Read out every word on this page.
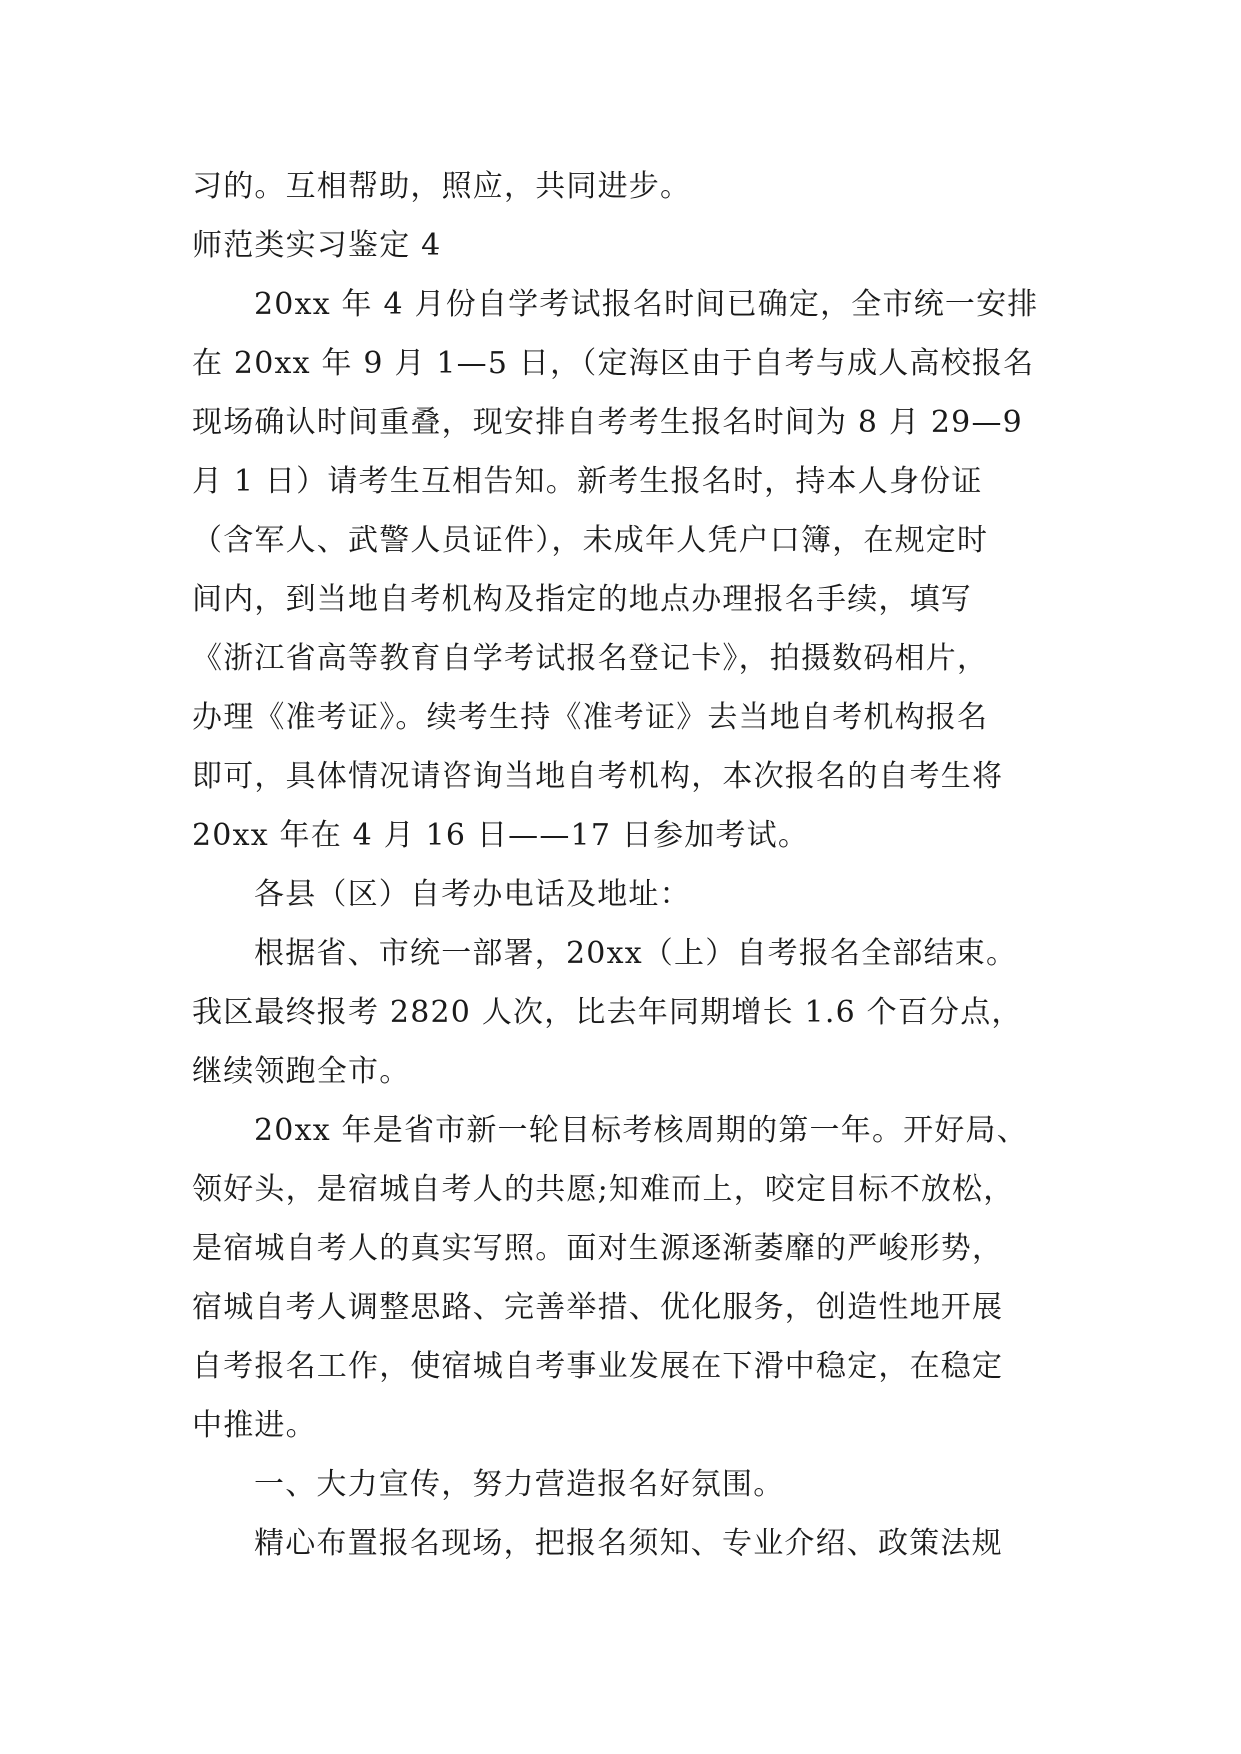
习的。互相帮助，照应，共同进步。

师范类实习鉴定 4

20xx 年 4 月份自学考试报名时间已确定，全市统一安排

在 20xx 年 9 月 1—5 日，（定海区由于自考与成人高校报名

现场确认时间重叠，现安排自考考生报名时间为 8 月 29—9

月 1 日）请考生互相告知。新考生报名时，持本人身份证

（含军人、武警人员证件），未成年人凭户口簿，在规定时

间内，到当地自考机构及指定的地点办理报名手续，填写

《浙江省高等教育自学考试报名登记卡》，拍摄数码相片，

办理《准考证》。续考生持《准考证》去当地自考机构报名

即可，具体情况请咨询当地自考机构，本次报名的自考生将

20xx 年在 4 月 16 日——17 日参加考试。

各县（区）自考办电话及地址：

根据省、市统一部署，20xx（上）自考报名全部结束。

我区最终报考 2820 人次，比去年同期增长 1.6 个百分点，

继续领跑全市。

20xx 年是省市新一轮目标考核周期的第一年。开好局、

领好头，是宿城自考人的共愿;知难而上，咬定目标不放松，

是宿城自考人的真实写照。面对生源逐渐萎靡的严峻形势，

宿城自考人调整思路、完善举措、优化服务，创造性地开展

自考报名工作，使宿城自考事业发展在下滑中稳定，在稳定

中推进。

一、大力宣传，努力营造报名好氛围。

精心布置报名现场，把报名须知、专业介绍、政策法规
